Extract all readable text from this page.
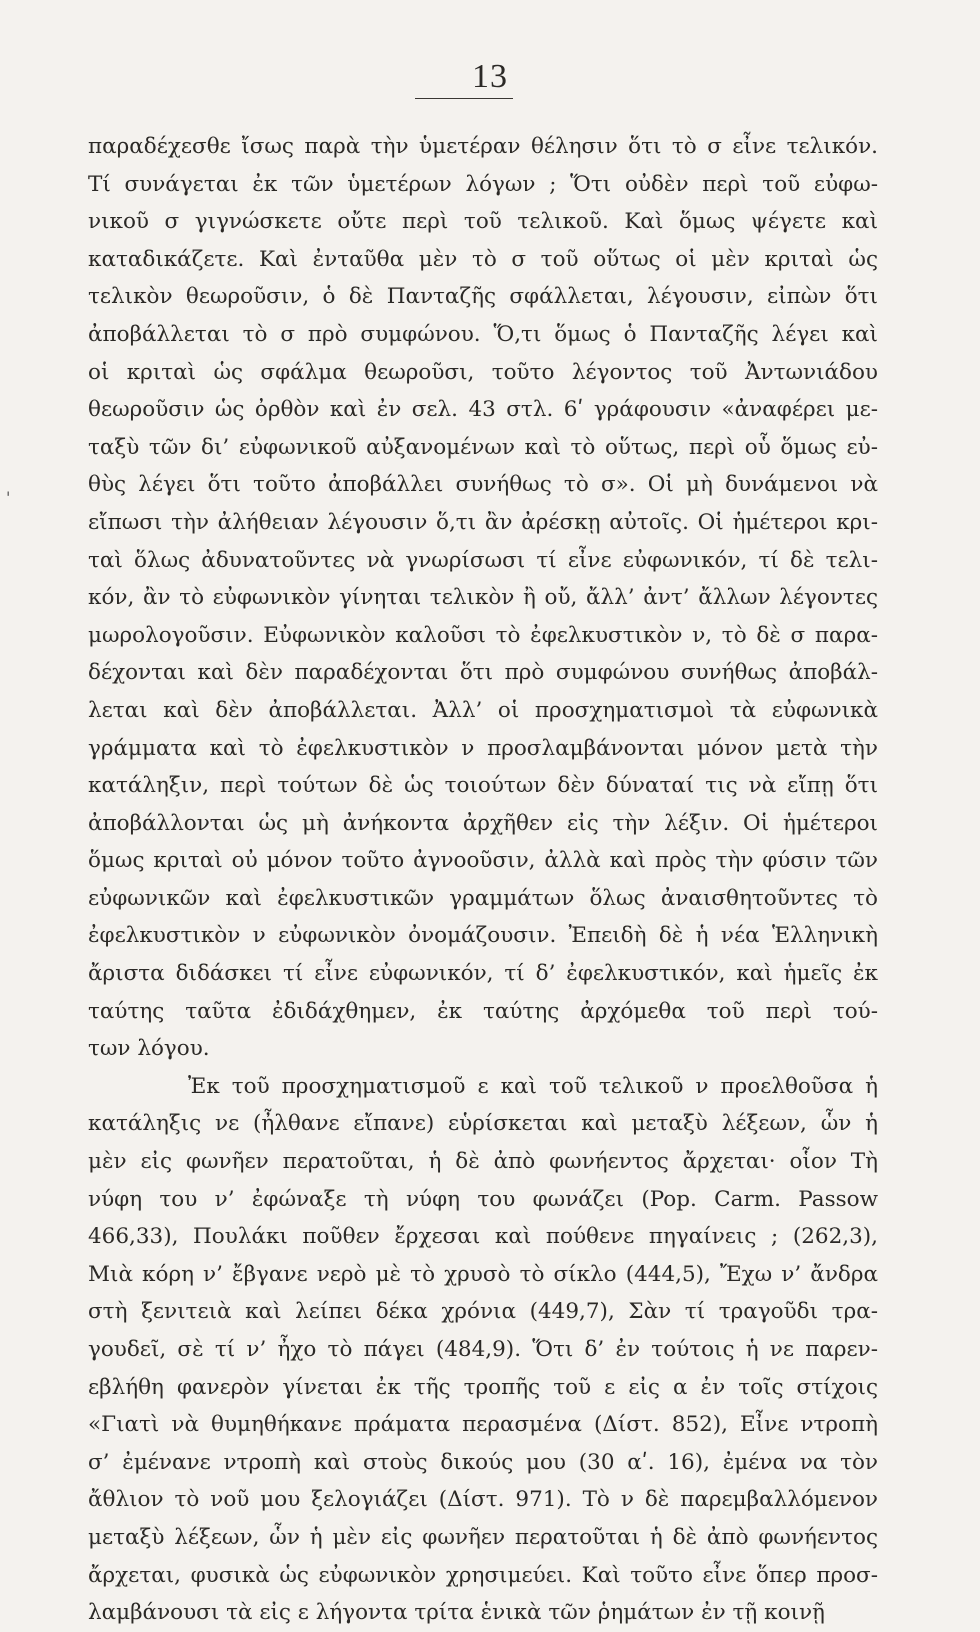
13
'
παραδέχεσθε ἴσως παρὰ τὴν ὑμετέραν θέλησιν ὅτι τὸ σ εἶνε τελικόν.
Τί συνάγεται ἐκ τῶν ὑμετέρων λόγων ; Ὅτι οὐδὲν περὶ τοῦ εὐφω-
νικοῦ σ γιγνώσκετε οὔτε περὶ τοῦ τελικοῦ. Καὶ ὅμως ψέγετε καὶ
καταδικάζετε. Καὶ ἐνταῦθα μὲν τὸ σ τοῦ οὕτως οἱ μὲν κριταὶ ὡς
τελικὸν θεωροῦσιν, ὁ δὲ Πανταζῆς σφάλλεται, λέγουσιν, εἰπὼν ὅτι
ἀποβάλλεται τὸ σ πρὸ συμφώνου. Ὅ,τι ὅμως ὁ Πανταζῆς λέγει καὶ
οἱ κριταὶ ὡς σφάλμα θεωροῦσι, τοῦτο λέγοντος τοῦ Ἀντωνιάδου
θεωροῦσιν ὡς ὀρθὸν καὶ ἐν σελ. 43 στλ. 6ʹ γράφουσιν «ἀναφέρει με-
ταξὺ τῶν δι’ εὐφωνικοῦ αὐξανομένων καὶ τὸ οὕτως, περὶ οὗ ὅμως εὐ-
θὺς λέγει ὅτι τοῦτο ἀποβάλλει συνήθως τὸ σ». Οἱ μὴ δυνάμενοι νὰ
εἴπωσι τὴν ἀλήθειαν λέγουσιν ὅ,τι ἂν ἀρέσκῃ αὐτοῖς. Οἱ ἡμέτεροι κρι-
ταὶ ὅλως ἀδυνατοῦντες νὰ γνωρίσωσι τί εἶνε εὐφωνικόν, τί δὲ τελι-
κόν, ἂν τὸ εὐφωνικὸν γίνηται τελικὸν ἢ οὔ, ἄλλ’ ἀντ’ ἄλλων λέγοντες
μωρολογοῦσιν. Εὐφωνικὸν καλοῦσι τὸ ἐφελκυστικὸν ν, τὸ δὲ σ παρα-
δέχονται καὶ δὲν παραδέχονται ὅτι πρὸ συμφώνου συνήθως ἀποβάλ-
λεται καὶ δὲν ἀποβάλλεται. Ἀλλ’ οἱ προσχηματισμοὶ τὰ εὐφωνικὰ
γράμματα καὶ τὸ ἐφελκυστικὸν ν προσλαμβάνονται μόνον μετὰ τὴν
κατάληξιν, περὶ τούτων δὲ ὡς τοιούτων δὲν δύναταί τις νὰ εἴπῃ ὅτι
ἀποβάλλονται ὡς μὴ ἀνήκοντα ἀρχῆθεν εἰς τὴν λέξιν. Οἱ ἡμέτεροι
ὅμως κριταὶ οὐ μόνον τοῦτο ἀγνοοῦσιν, ἀλλὰ καὶ πρὸς τὴν φύσιν τῶν
εὐφωνικῶν καὶ ἐφελκυστικῶν γραμμάτων ὅλως ἀναισθητοῦντες τὸ
ἐφελκυστικὸν ν εὐφωνικὸν ὀνομάζουσιν. Ἐπειδὴ δὲ ἡ νέα Ἑλληνικὴ
ἄριστα διδάσκει τί εἶνε εὐφωνικόν, τί δ’ ἐφελκυστικόν, καὶ ἡμεῖς ἐκ
ταύτης ταῦτα ἐδιδάχθημεν, ἐκ ταύτης ἀρχόμεθα τοῦ περὶ τού-
των λόγου.
Ἐκ τοῦ προσχηματισμοῦ ε καὶ τοῦ τελικοῦ ν προελθοῦσα ἡ
κατάληξις νε (ἦλθανε εἴπανε) εὑρίσκεται καὶ μεταξὺ λέξεων, ὧν ἡ
μὲν εἰς φωνῆεν περατοῦται, ἡ δὲ ἀπὸ φωνήεντος ἄρχεται· οἷον Τὴ
νύφη του ν’ ἐφώναξε τὴ νύφη του φωνάζει (Pop. Carm. Passow
466,33), Πουλάκι ποῦθεν ἔρχεσαι καὶ πούθενε πηγαίνεις ; (262,3),
Μιὰ κόρη ν’ ἔβγανε νερὸ μὲ τὸ χρυσὸ τὸ σίκλο (444,5), Ἔχω ν’ ἄνδρα
στὴ ξενιτειὰ καὶ λείπει δέκα χρόνια (449,7), Σὰν τί τραγοῦδι τρα-
γουδεῖ, σὲ τί ν’ ἦχο τὸ πάγει (484,9). Ὅτι δ’ ἐν τούτοις ἡ νε παρεν-
εβλήθη φανερὸν γίνεται ἐκ τῆς τροπῆς τοῦ ε εἰς α ἐν τοῖς στίχοις
«Γιατὶ νὰ θυμηθήκανε πράματα περασμένα (Δίστ. 852), Εἶνε ντροπὴ
σ’ ἐμένανε ντροπὴ καὶ στοὺς δικούς μου (30 αʹ. 16), ἐμένα να τὸν
ἄθλιον τὸ νοῦ μου ξελογιάζει (Δίστ. 971). Τὸ ν δὲ παρεμβαλλόμενον
μεταξὺ λέξεων, ὧν ἡ μὲν εἰς φωνῆεν περατοῦται ἡ δὲ ἀπὸ φωνήεντος
ἄρχεται, φυσικὰ ὡς εὐφωνικὸν χρησιμεύει. Καὶ τοῦτο εἶνε ὅπερ προσ-
λαμβάνουσι τὰ εἰς ε λήγοντα τρίτα ἑνικὰ τῶν ῥημάτων ἐν τῇ κοινῇ
